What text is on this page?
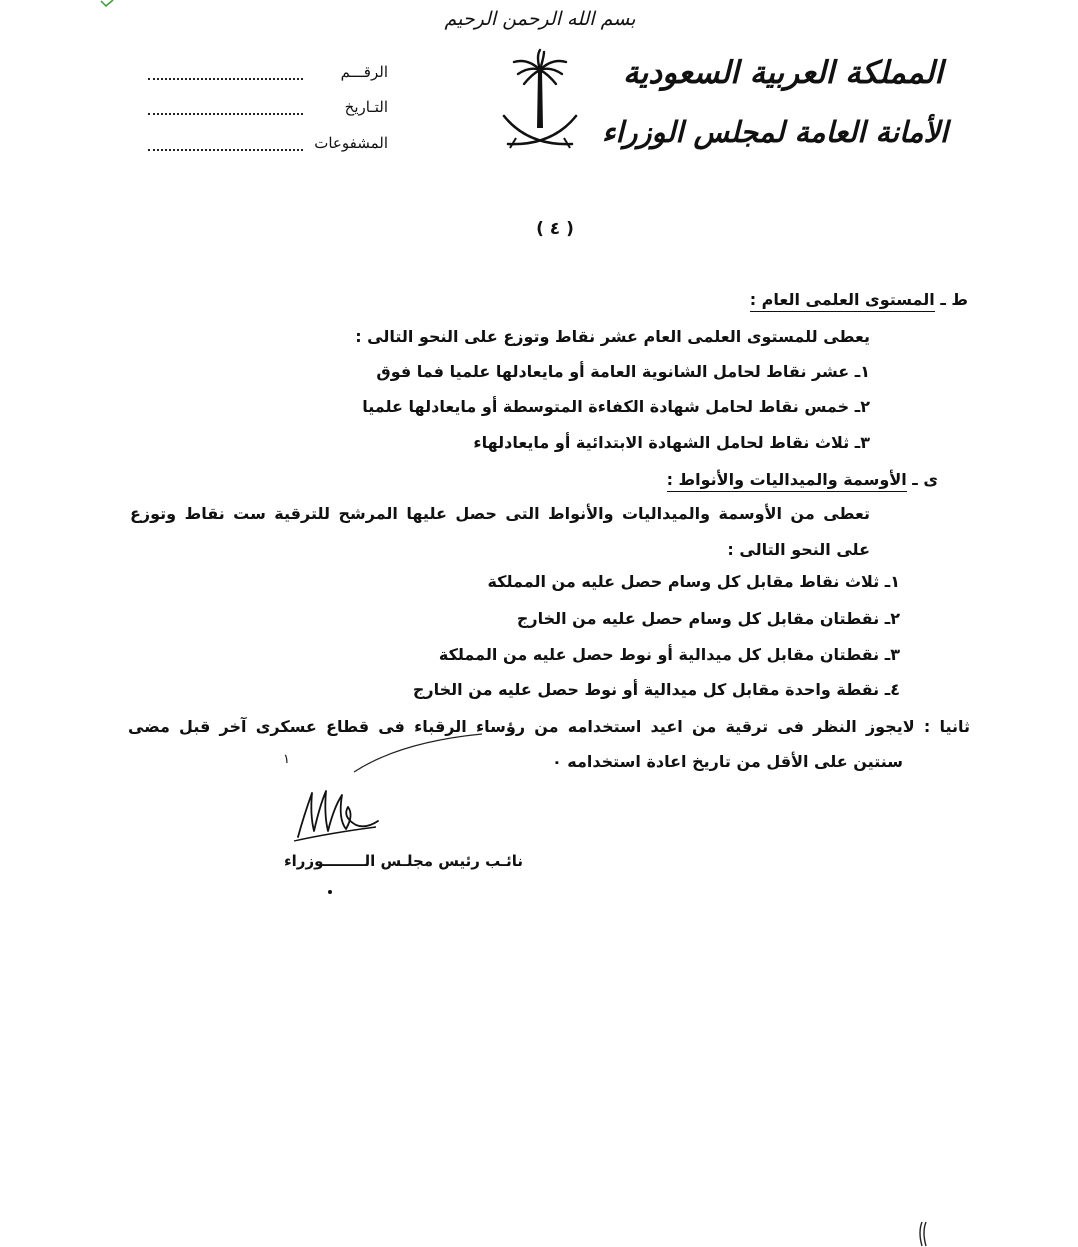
بسم الله الرحمن الرحيم
المملكة العربية السعودية
الأمانة العامة لمجلس الوزراء
الرقـــم
التـاريخ
المشفوعات
( ٤ )
ط ـ المستوى العلمى العام :
يعطى للمستوى العلمى العام عشر نقاط وتوزع على النحو التالى :
١ـ عشر نقاط لحامل الشانوية العامة أو مايعادلها علميا فما فوق
٢ـ خمس نقاط لحامل شهادة الكفاءة المتوسطة أو مايعادلها علميا
٣ـ ثلاث نقاط لحامل الشهادة الابتدائية أو مايعادلهاء
ى ـ الأوسمة والميداليات والأنواط :
تعطى من الأوسمة والميداليات والأنواط التى حصل عليها المرشح للترقية ست نقاط وتوزع
على النحو التالى :
١ـ ثلاث نقاط مقابل كل وسام حصل عليه من المملكة
٢ـ نقطتان مقابل كل وسام حصل عليه من الخارج
٣ـ نقطتان مقابل كل ميدالية أو نوط حصل عليه من المملكة
٤ـ نقطة واحدة مقابل كل ميدالية أو نوط حصل عليه من الخارج
ثانيا : لايجوز النظر فى ترقية من اعيد استخدامه من رؤساء الرقباء فى قطاع عسكرى آخر قبل مضى
سنتين على الأقل من تاريخ اعادة استخدامه ٠
١
نائـب رئيس مجلـس الــــــــوزراء
